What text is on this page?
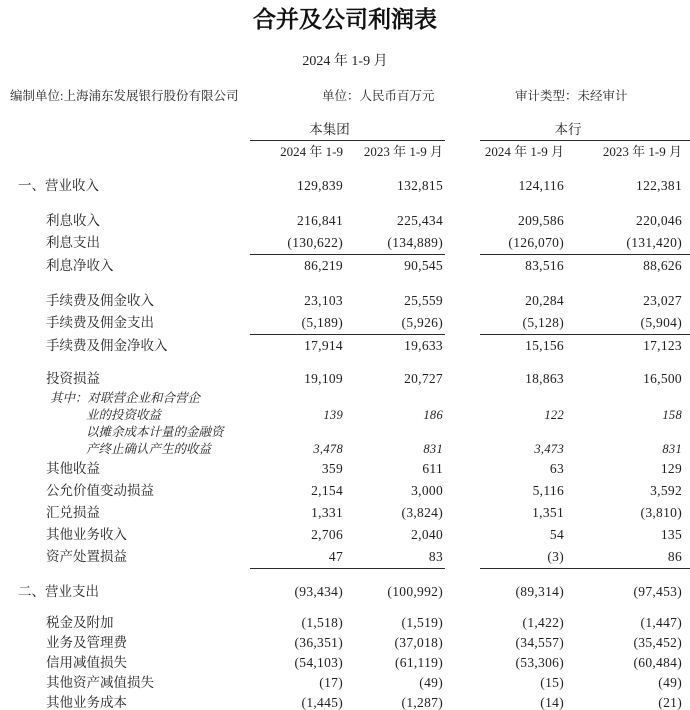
合并及公司利润表
2024 年 1-9 月
编制单位:上海浦东发展银行股份有限公司	单位：人民币百万元	审计类型：未经审计
本集团	本行
2024 年 1-9	2023 年 1-9 月	2024 年 1-9 月	2023 年 1-9 月
一、营业收入	129,839	132,815	124,116	122,381
利息收入	216,841	225,434	209,586	220,046
利息支出	(130,622)	(134,889)	(126,070)	(131,420)
利息净收入	86,219	90,545	83,516	88,626
手续费及佣金收入	23,103	25,559	20,284	23,027
手续费及佣金支出	(5,189)	(5,926)	(5,128)	(5,904)
手续费及佣金净收入	17,914	19,633	15,156	17,123
投资损益	19,109	20,727	18,863	16,500
其中：对联营企业和合营企
业的投资收益	139	186	122	158
以摊余成本计量的金融资
产终止确认产生的收益	3,478	831	3,473	831
其他收益	359	611	63	129
公允价值变动损益	2,154	3,000	5,116	3,592
汇兑损益	1,331	(3,824)	1,351	(3,810)
其他业务收入	2,706	2,040	54	135
资产处置损益	47	83	(3)	86
二、营业支出	(93,434)	(100,992)	(89,314)	(97,453)
税金及附加	(1,518)	(1,519)	(1,422)	(1,447)
业务及管理费	(36,351)	(37,018)	(34,557)	(35,452)
信用减值损失	(54,103)	(61,119)	(53,306)	(60,484)
其他资产减值损失	(17)	(49)	(15)	(49)
其他业务成本	(1,445)	(1,287)	(14)	(21)
